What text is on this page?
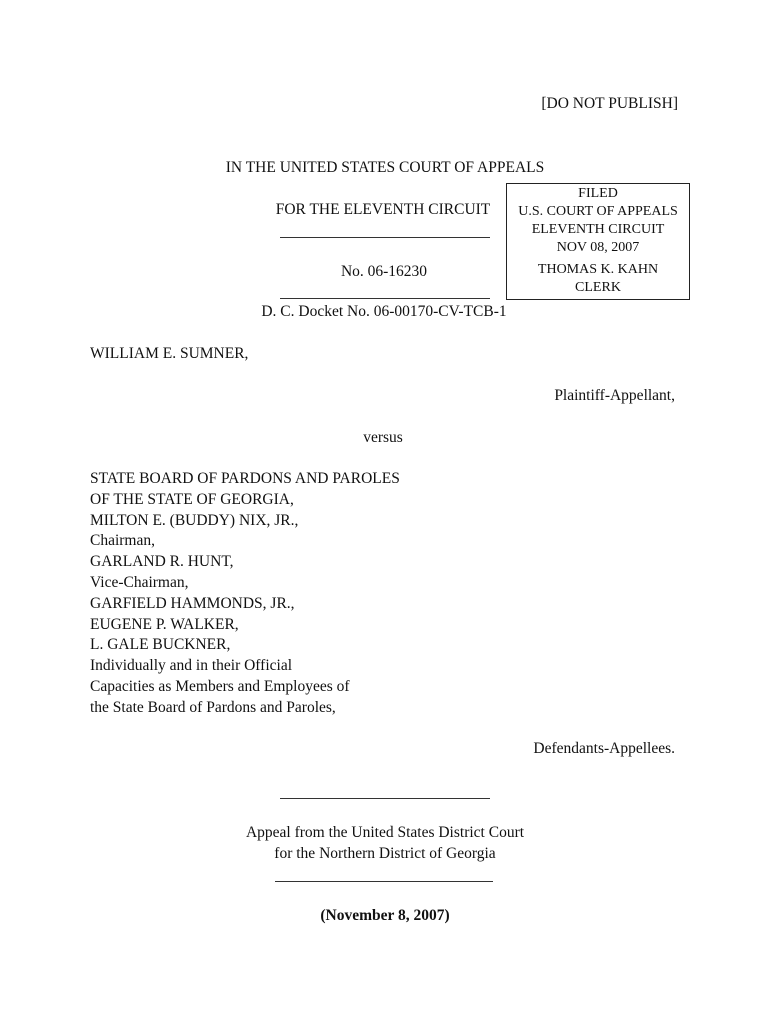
[DO NOT PUBLISH]
IN THE UNITED STATES COURT OF APPEALS
FOR THE ELEVENTH CIRCUIT
No. 06-16230
D. C. Docket No. 06-00170-CV-TCB-1
FILED
U.S. COURT OF APPEALS
ELEVENTH CIRCUIT
NOV 08, 2007
THOMAS K. KAHN
CLERK
WILLIAM E. SUMNER,
Plaintiff-Appellant,
versus
STATE BOARD OF PARDONS AND PAROLES
OF THE STATE OF GEORGIA,
MILTON E. (BUDDY) NIX, JR.,
Chairman,
GARLAND R. HUNT,
Vice-Chairman,
GARFIELD HAMMONDS, JR.,
EUGENE P. WALKER,
L. GALE BUCKNER,
Individually and in their Official
Capacities as Members and Employees of
the State Board of Pardons and Paroles,
Defendants-Appellees.
Appeal from the United States District Court
for the Northern District of Georgia
(November 8, 2007)
